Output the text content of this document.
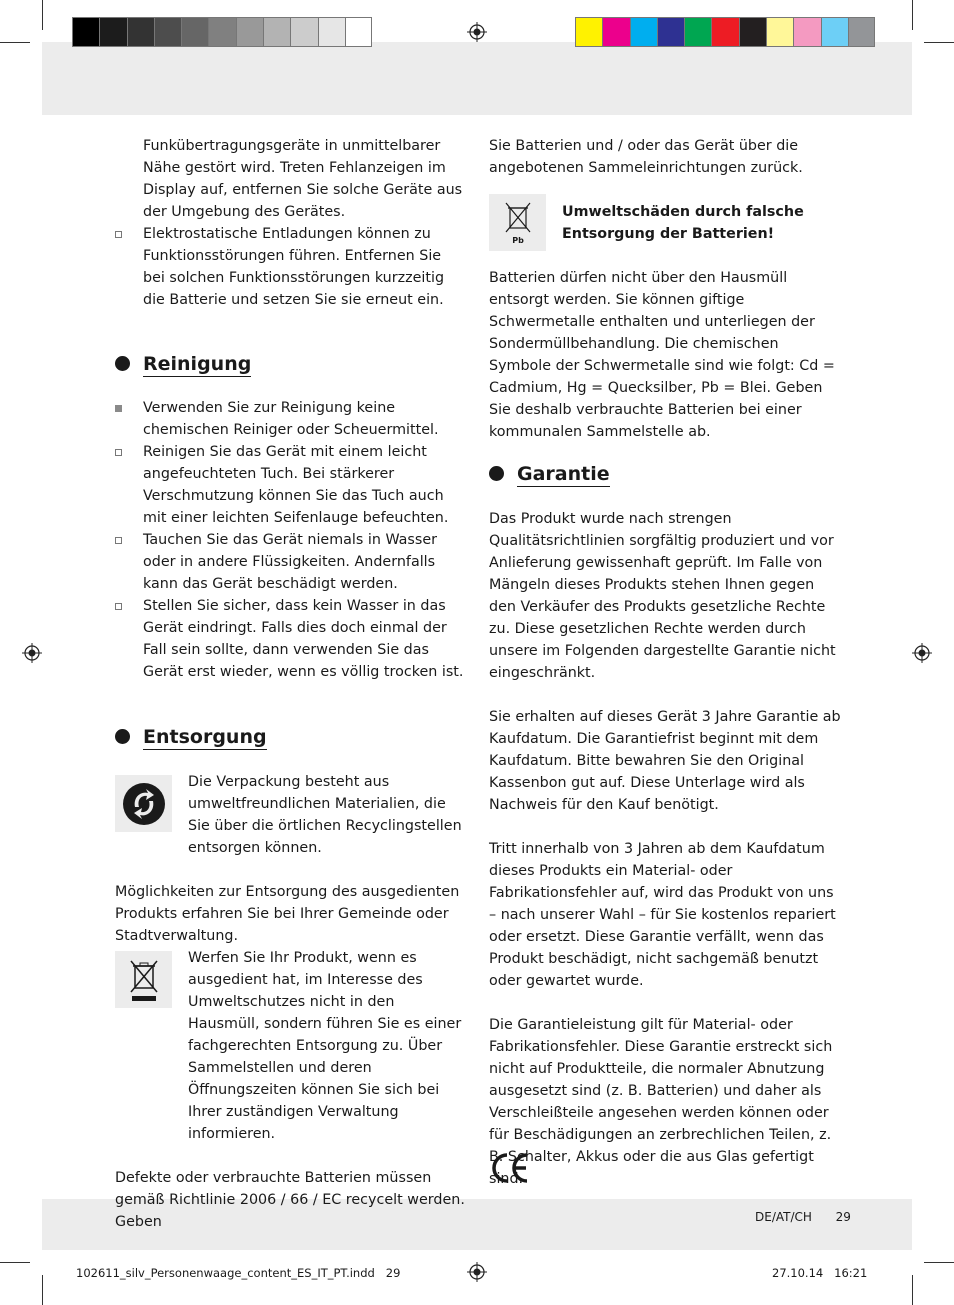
Funkübertragungsgeräte in unmittelbarer Nähe gestört wird. Treten Fehlanzeigen im Display auf, entfernen Sie solche Geräte aus der Umgebung des Gerätes.

Elektrostatische Entladungen können zu Funktionsstörungen führen. Entfernen Sie bei solchen Funktionsstörungen kurzzeitig die Batterie und setzen Sie sie erneut ein.

Reinigung

Verwenden Sie zur Reinigung keine chemischen Reiniger oder Scheuermittel.

Reinigen Sie das Gerät mit einem leicht angefeuchteten Tuch. Bei stärkerer Verschmutzung können Sie das Tuch auch mit einer leichten Seifenlauge befeuchten.

Tauchen Sie das Gerät niemals in Wasser oder in andere Flüssigkeiten. Andernfalls kann das Gerät beschädigt werden.

Stellen Sie sicher, dass kein Wasser in das Gerät eindringt. Falls dies doch einmal der Fall sein sollte, dann verwenden Sie das Gerät erst wieder, wenn es völlig trocken ist.

Entsorgung

Die Verpackung besteht aus umweltfreundlichen Materialien, die Sie über die örtlichen Recyclingstellen entsorgen können.

Möglichkeiten zur Entsorgung des ausgedienten Produkts erfahren Sie bei Ihrer Gemeinde oder Stadtverwaltung.

Werfen Sie Ihr Produkt, wenn es ausgedient hat, im Interesse des Umweltschutzes nicht in den Hausmüll, sondern führen Sie es einer fachgerechten Entsorgung zu. Über Sammelstellen und deren Öffnungszeiten können Sie sich bei Ihrer zuständigen Verwaltung informieren.

Defekte oder verbrauchte Batterien müssen gemäß Richtlinie 2006 / 66 / EC recycelt werden. Geben

Sie Batterien und / oder das Gerät über die angebotenen Sammeleinrichtungen zurück.

Pb

Umweltschäden durch falsche Entsorgung der Batterien!

Batterien dürfen nicht über den Hausmüll entsorgt werden. Sie können giftige Schwermetalle enthalten und unterliegen der Sondermüllbehandlung. Die chemischen Symbole der Schwermetalle sind wie folgt: Cd = Cadmium, Hg = Quecksilber, Pb = Blei. Geben Sie deshalb verbrauchte Batterien bei einer kommunalen Sammelstelle ab.

Garantie

Das Produkt wurde nach strengen Qualitätsrichtlinien sorgfältig produziert und vor Anlieferung gewissenhaft geprüft. Im Falle von Mängeln dieses Produkts stehen Ihnen gegen den Verkäufer des Produkts gesetzliche Rechte zu. Diese gesetzlichen Rechte werden durch unsere im Folgenden dargestellte Garantie nicht eingeschränkt.

Sie erhalten auf dieses Gerät 3 Jahre Garantie ab Kaufdatum. Die Garantiefrist beginnt mit dem Kaufdatum. Bitte bewahren Sie den Original Kassenbon gut auf. Diese Unterlage wird als Nachweis für den Kauf benötigt.

Tritt innerhalb von 3 Jahren ab dem Kaufdatum dieses Produkts ein Material- oder Fabrikationsfehler auf, wird das Produkt von uns – nach unserer Wahl – für Sie kostenlos repariert oder ersetzt. Diese Garantie verfällt, wenn das Produkt beschädigt, nicht sachgemäß benutzt oder gewartet wurde.

Die Garantieleistung gilt für Material- oder Fabrikationsfehler. Diese Garantie erstreckt sich nicht auf Produktteile, die normaler Abnutzung ausgesetzt sind (z. B. Batterien) und daher als Verschleißteile angesehen werden können oder für Beschädigungen an zerbrechlichen Teilen, z. B. Schalter, Akkus oder die aus Glas gefertigt sind.

DE/AT/CH 29
102611_silv_Personenwaage_content_ES_IT_PT.indd   29	27.10.14   16:21
